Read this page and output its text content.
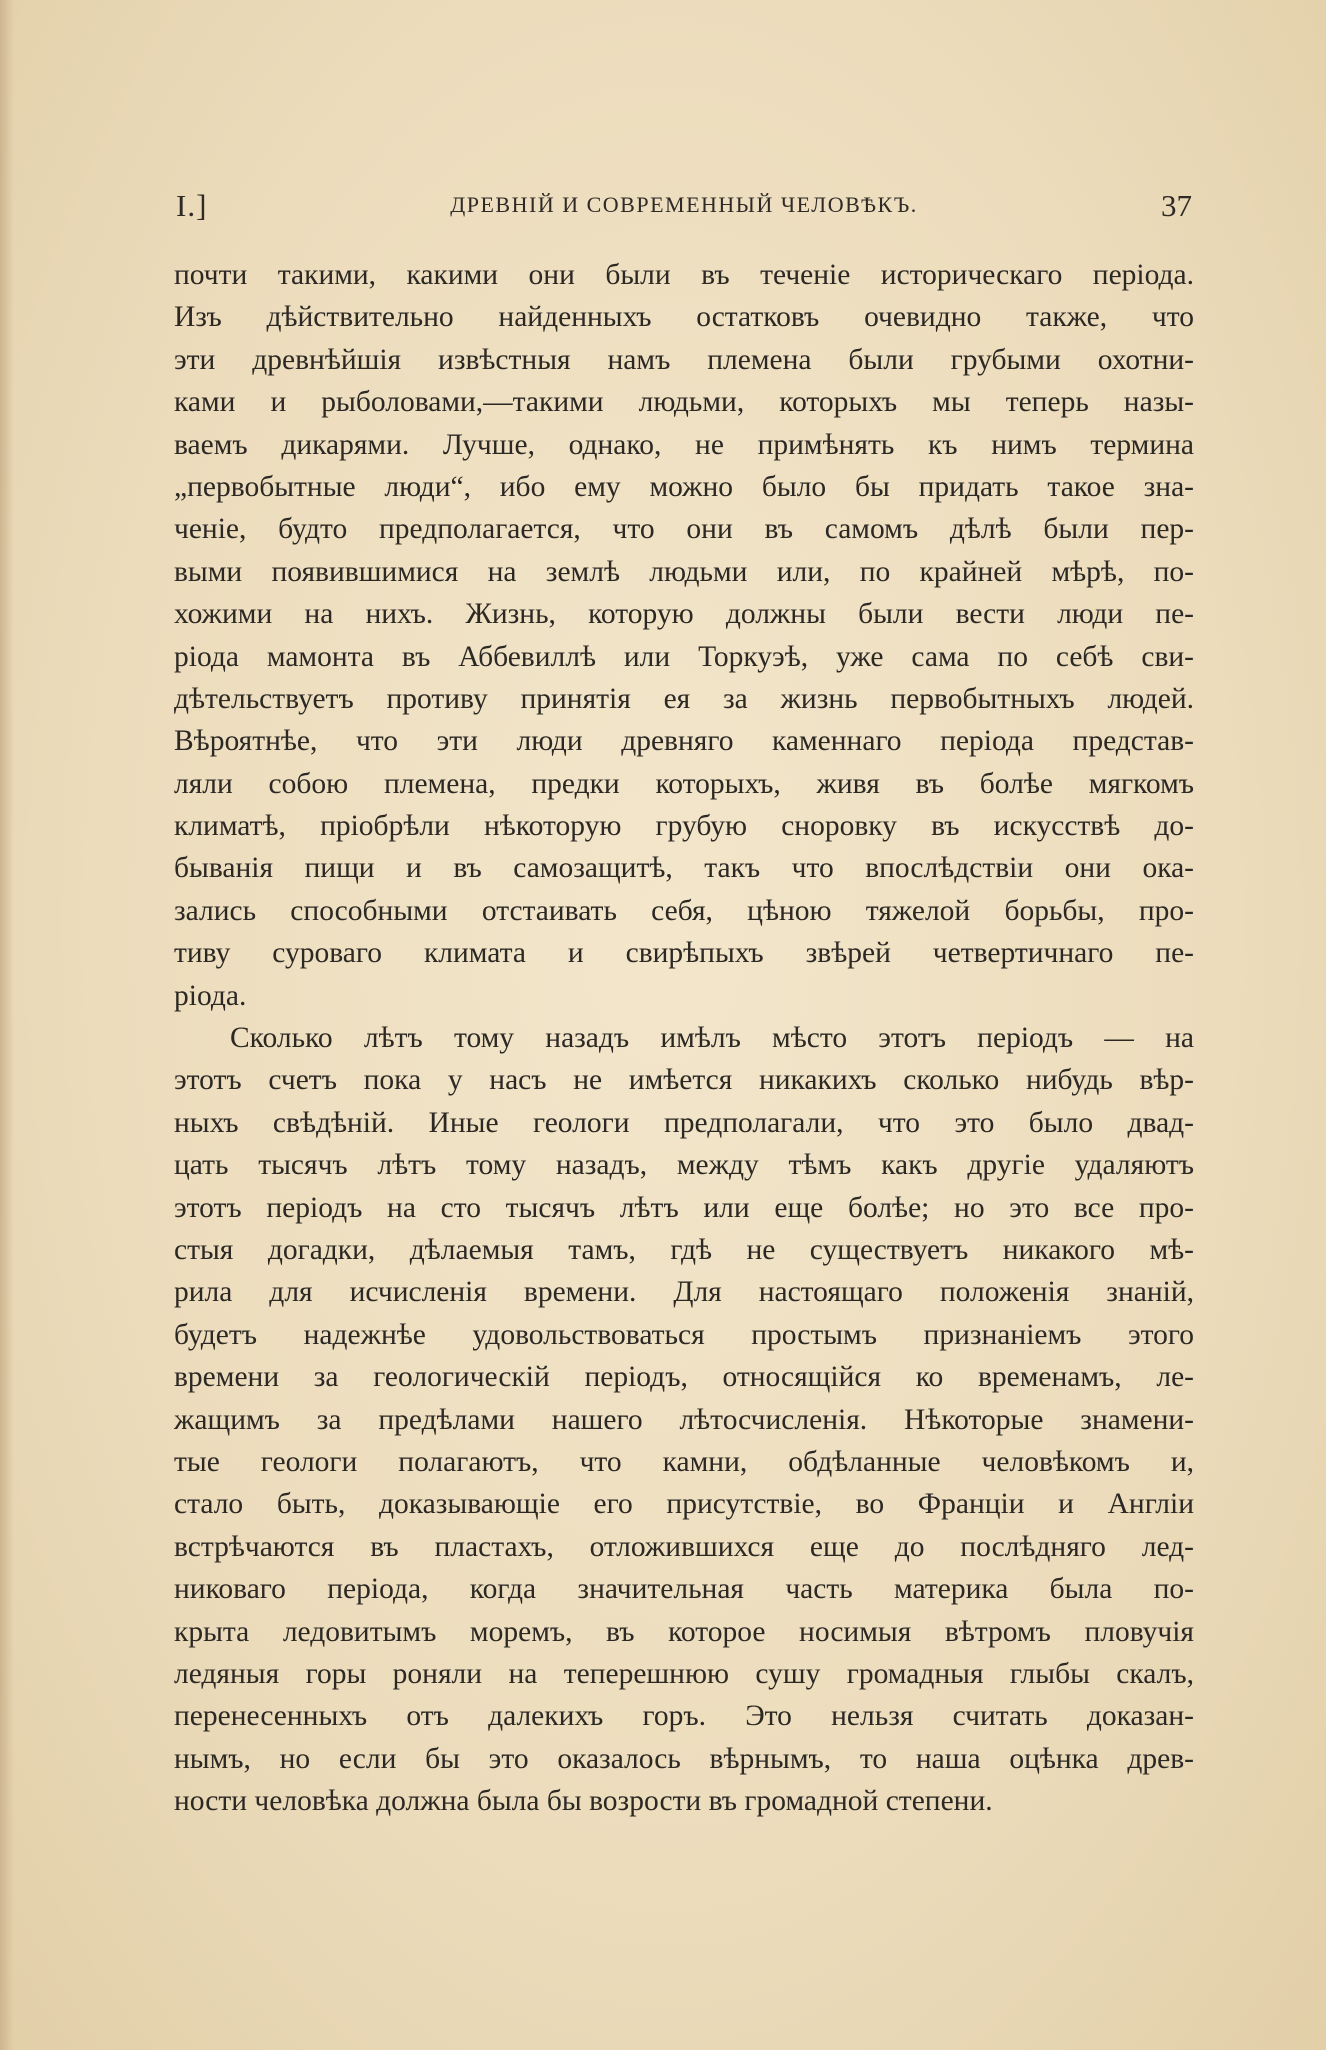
I.]	ДРЕВНІЙ И СОВРЕМЕННЫЙ ЧЕЛОВѢКЪ.	37
почти такими, какими они были въ теченіе историческаго періода.
Изъ дѣйствительно найденныхъ остатковъ очевидно также, что
эти древнѣйшія извѣстныя намъ племена были грубыми охотни-
ками и рыболовами,—такими людьми, которыхъ мы теперь назы-
ваемъ дикарями. Лучше, однако, не примѣнять къ нимъ термина
„первобытные люди“, ибо ему можно было бы придать такое зна-
ченіе, будто предполагается, что они въ самомъ дѣлѣ были пер-
выми появившимися на землѣ людьми или, по крайней мѣрѣ, по-
хожими на нихъ. Жизнь, которую должны были вести люди пе-
ріода мамонта въ Аббевиллѣ или Торкуэѣ, уже сама по себѣ сви-
дѣтельствуетъ противу принятія ея за жизнь первобытныхъ людей.
Вѣроятнѣе, что эти люди древняго каменнаго періода представ-
ляли собою племена, предки которыхъ, живя въ болѣе мягкомъ
климатѣ, пріобрѣли нѣкоторую грубую сноровку въ искусствѣ до-
быванія пищи и въ самозащитѣ, такъ что впослѣдствіи они ока-
зались способными отстаивать себя, цѣною тяжелой борьбы, про-
тиву суроваго климата и свирѣпыхъ звѣрей четвертичнаго пе-
ріода.
Сколько лѣтъ тому назадъ имѣлъ мѣсто этотъ періодъ — на
этотъ счетъ пока у насъ не имѣется никакихъ сколько нибудь вѣр-
ныхъ свѣдѣній. Иные геологи предполагали, что это было двад-
цать тысячъ лѣтъ тому назадъ, между тѣмъ какъ другіе удаляютъ
этотъ періодъ на сто тысячъ лѣтъ или еще болѣе; но это все про-
стыя догадки, дѣлаемыя тамъ, гдѣ не существуетъ никакого мѣ-
рила для исчисленія времени. Для настоящаго положенія знаній,
будетъ надежнѣе удовольствоваться простымъ признаніемъ этого
времени за геологическій періодъ, относящійся ко временамъ, ле-
жащимъ за предѣлами нашего лѣтосчисленія. Нѣкоторые знамени-
тые геологи полагаютъ, что камни, обдѣланные человѣкомъ и,
стало быть, доказывающіе его присутствіе, во Франціи и Англіи
встрѣчаются въ пластахъ, отложившихся еще до послѣдняго лед-
никоваго періода, когда значительная часть материка была по-
крыта ледовитымъ моремъ, въ которое носимыя вѣтромъ пловучія
ледяныя горы роняли на теперешнюю сушу громадныя глыбы скалъ,
перенесенныхъ отъ далекихъ горъ. Это нельзя считать доказан-
нымъ, но если бы это оказалось вѣрнымъ, то наша оцѣнка древ-
ности человѣка должна была бы возрости въ громадной степени.
